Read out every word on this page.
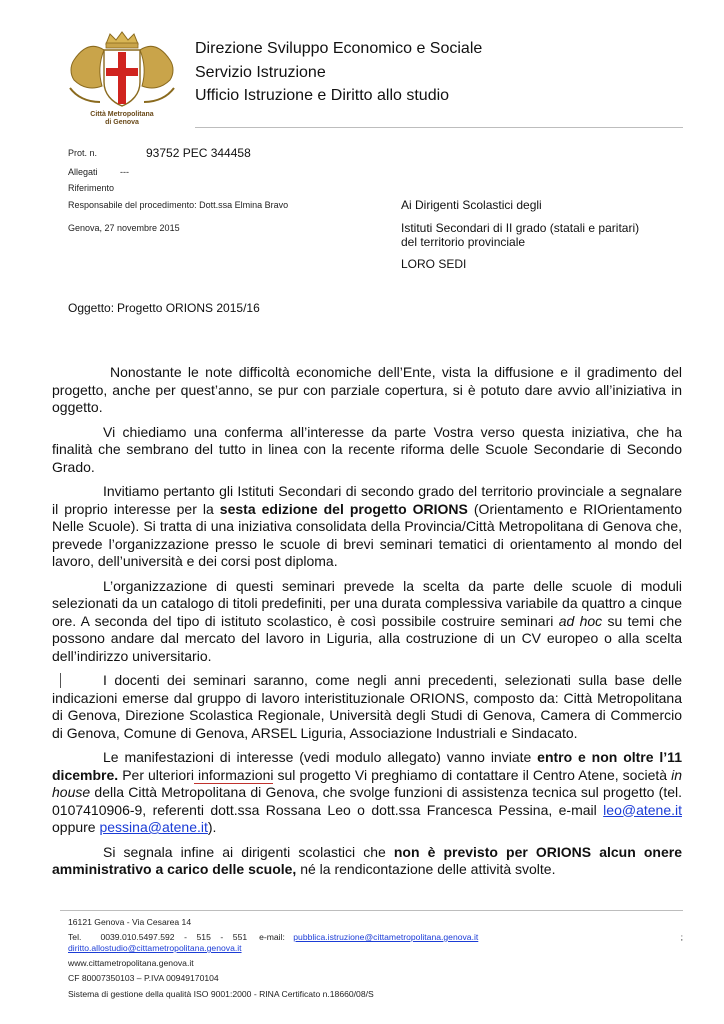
Città Metropolitana
di Genova
Direzione Sviluppo Economico e Sociale
Servizio Istruzione
Ufficio Istruzione e Diritto allo studio
Prot. n.	93752 PEC 344458
Allegati ---
Riferimento
Responsabile del procedimento: Dott.ssa Elmina Bravo
Genova, 27 novembre 2015
Ai Dirigenti Scolastici degli
Istituti Secondari di II grado (statali e paritari)
del territorio provinciale
LORO SEDI
Oggetto: Progetto ORIONS 2015/16

Nonostante le note difficoltà economiche dell’Ente, vista la diffusione e il gradimento del progetto, anche per quest’anno, se pur con parziale copertura, si è potuto dare avvio all’iniziativa in oggetto.

Vi chiediamo una conferma all’interesse da parte Vostra verso questa iniziativa, che ha finalità che sembrano del tutto in linea con la recente riforma delle Scuole Secondarie di Secondo Grado.

Invitiamo pertanto gli Istituti Secondari di secondo grado del territorio provinciale a segnalare il proprio interesse per la sesta edizione del progetto ORIONS (Orientamento e RIOrientamento Nelle Scuole). Si tratta di una iniziativa consolidata della Provincia/Città Metropolitana di Genova che, prevede l’organizzazione presso le scuole di brevi seminari tematici di orientamento al mondo del lavoro, dell’università e dei corsi post diploma.

L’organizzazione di questi seminari prevede la scelta da parte delle scuole di moduli selezionati da un catalogo di titoli predefiniti, per una durata complessiva variabile da quattro a cinque ore. A seconda del tipo di istituto scolastico, è così possibile costruire seminari ad hoc su temi che possono andare dal mercato del lavoro in Liguria, alla costruzione di un CV europeo o alla scelta dell’indirizzo universitario.

I docenti dei seminari saranno, come negli anni precedenti, selezionati sulla base delle indicazioni emerse dal gruppo di lavoro interistituzionale ORIONS, composto da: Città Metropolitana di Genova, Direzione Scolastica Regionale, Università degli Studi di Genova, Camera di Commercio di Genova, Comune di Genova, ARSEL Liguria, Associazione Industriali e Sindacato.

Le manifestazioni di interesse (vedi modulo allegato) vanno inviate entro e non oltre l’11 dicembre. Per ulteriori informazioni sul progetto Vi preghiamo di contattare il Centro Atene, società in house della Città Metropolitana di Genova, che svolge funzioni di assistenza tecnica sul progetto (tel. 0107410906-9, referenti dott.ssa Rossana Leo o dott.ssa Francesca Pessina, e-mail leo@atene.it oppure pessina@atene.it).

Si segnala infine ai dirigenti scolastici che non è previsto per ORIONS alcun onere amministrativo a carico delle scuole, né la rendicontazione delle attività svolte.

16121 Genova - Via Cesarea 14
Tel.        0039.010.5497.592    -    515    -    551     e-mail: pubblica.istruzione@cittametropolitana.genova.it	;
diritto.allostudio@cittametropolitana.genova.it
www.cittametropolitana.genova.it
CF 80007350103 – P.IVA 00949170104
Sistema di gestione della qualità ISO 9001:2000 - RINA Certificato n.18660/08/S
